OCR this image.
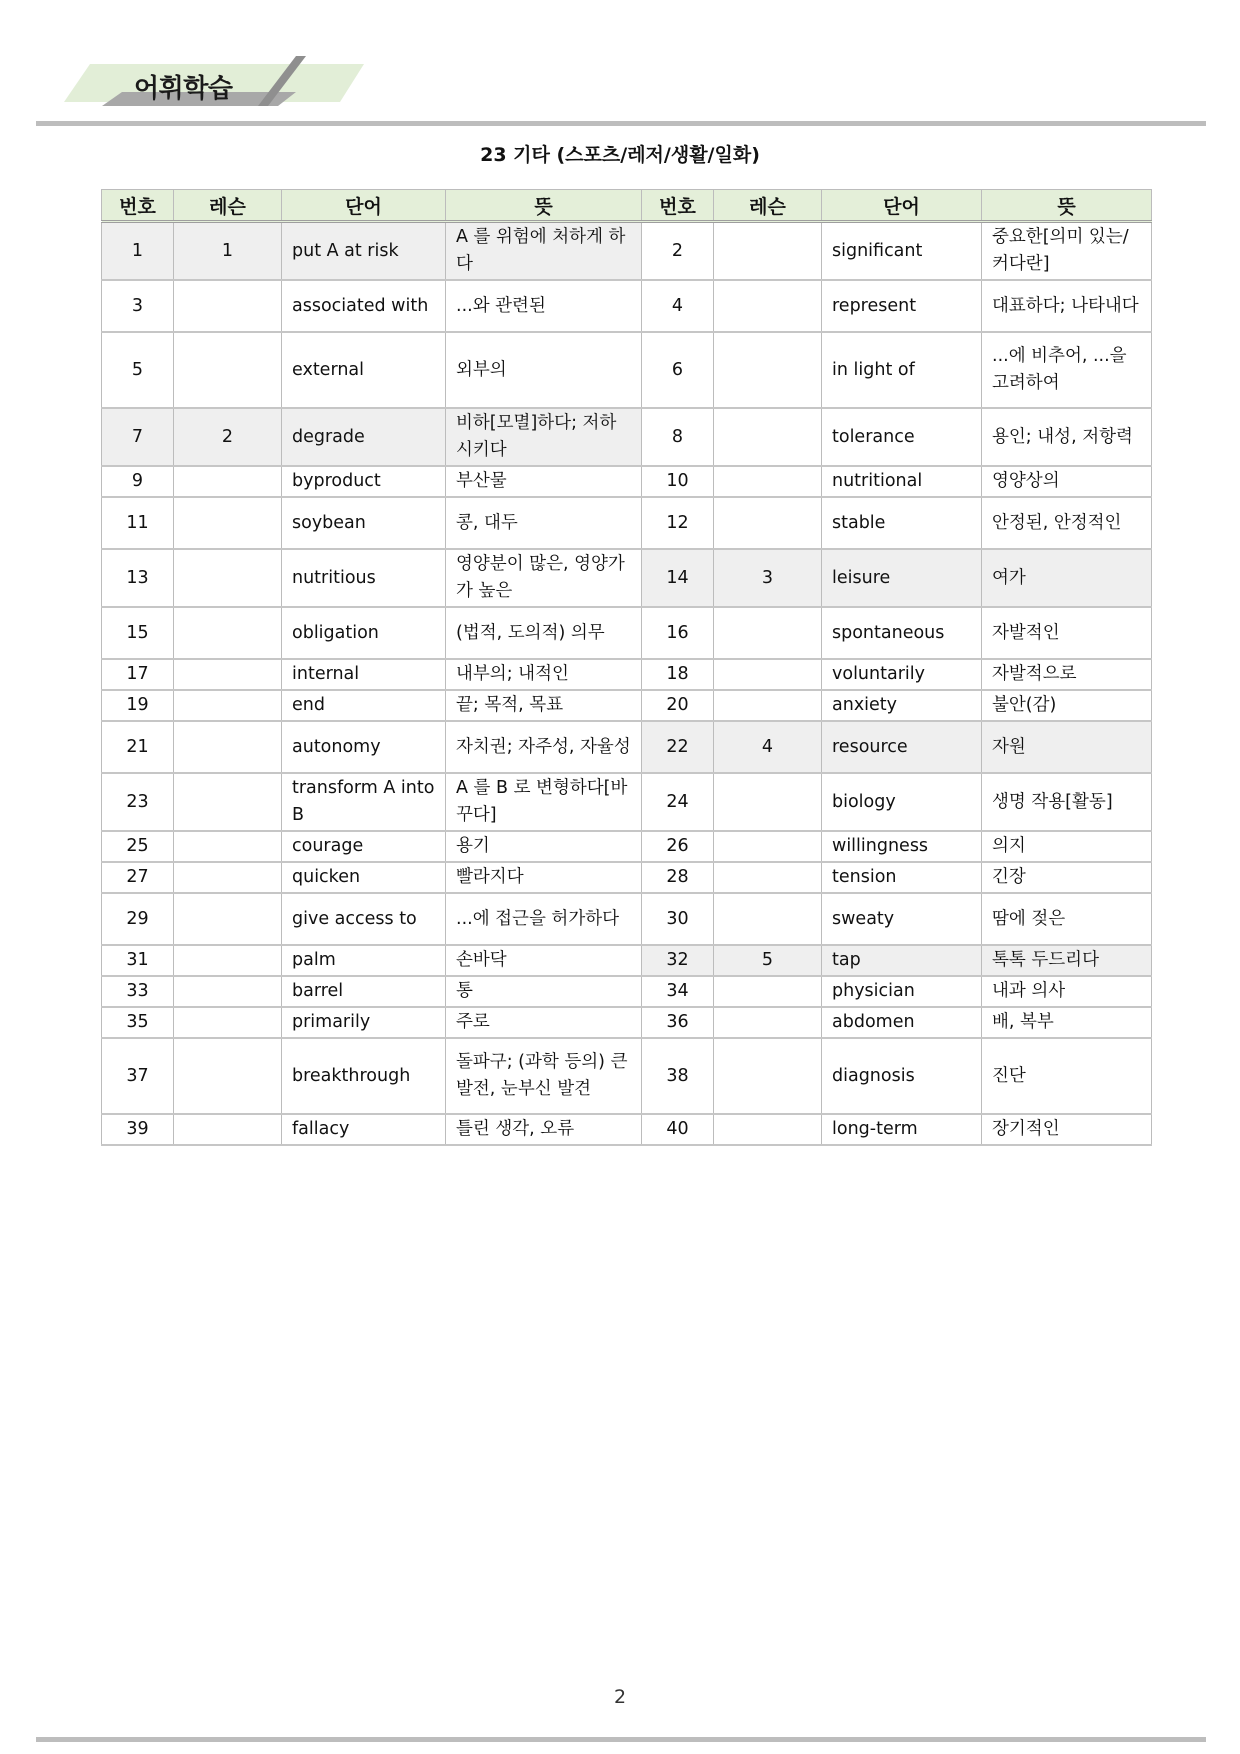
어휘학습
23 기타 (스포츠/레저/생활/일화)
번호	레슨	단어	뜻	번호	레슨	단어	뜻
1	1	put A at risk	A 를 위험에 처하게 하다	2		significant	중요한[의미 있는/커다란]
3		associated with	...와 관련된	4		represent	대표하다; 나타내다
5		external	외부의	6		in light of	...에 비추어, ...을 고려하여
7	2	degrade	비하[모멸]하다; 저하시키다	8		tolerance	용인; 내성, 저항력
9		byproduct	부산물	10		nutritional	영양상의
11		soybean	콩, 대두	12		stable	안정된, 안정적인
13		nutritious	영양분이 많은, 영양가가 높은	14	3	leisure	여가
15		obligation	(법적, 도의적) 의무	16		spontaneous	자발적인
17		internal	내부의; 내적인	18		voluntarily	자발적으로
19		end	끝; 목적, 목표	20		anxiety	불안(감)
21		autonomy	자치권; 자주성, 자율성	22	4	resource	자원
23		transform A into B	A 를 B 로 변형하다[바꾸다]	24		biology	생명 작용[활동]
25		courage	용기	26		willingness	의지
27		quicken	빨라지다	28		tension	긴장
29		give access to	...에 접근을 허가하다	30		sweaty	땀에 젖은
31		palm	손바닥	32	5	tap	톡톡 두드리다
33		barrel	통	34		physician	내과 의사
35		primarily	주로	36		abdomen	배, 복부
37		breakthrough	돌파구; (과학 등의) 큰 발전, 눈부신 발견	38		diagnosis	진단
39		fallacy	틀린 생각, 오류	40		long-term	장기적인

2
